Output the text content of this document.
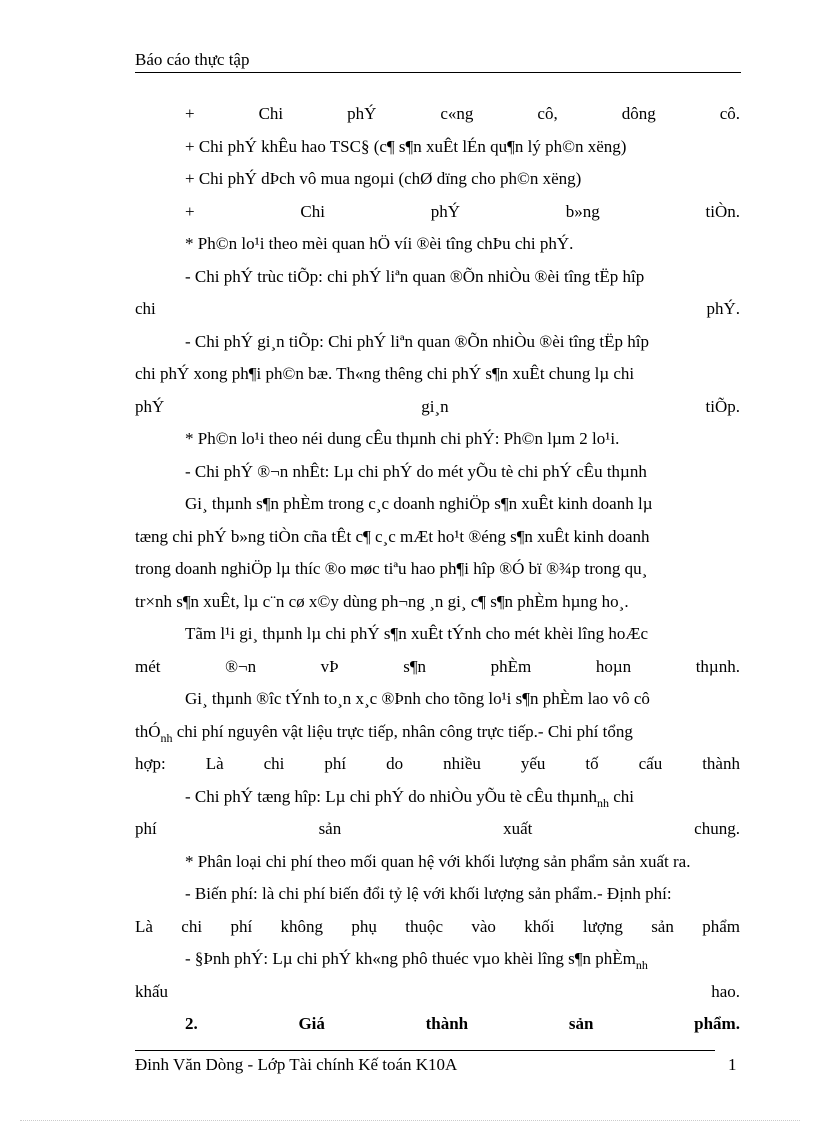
Báo cáo thực tập
+	Chi	phÝ	c«ng	cô,	dông	cô.
+ Chi phÝ khÊu hao TSC§ (c¶ s¶n xuÊt lÉn qu¶n lý ph©n xëng)
+ Chi phÝ dÞch vô mua ngoµi (chØ dïng cho ph©n xëng)
+	Chi	phÝ	b»ng	tiÒn.
* Ph©n lo¹i theo mèi quan hÖ víi ®èi tîng chÞu chi phÝ.
- Chi phÝ trùc tiÕp: chi phÝ liªn quan ®Õn nhiÒu ®èi tîng tËp hîp
chi	phÝ.
- Chi phÝ gi¸n tiÕp: Chi phÝ liªn quan ®Õn nhiÒu ®èi tîng tËp hîp
chi phÝ xong ph¶i ph©n bæ. Th«ng thêng chi phÝ s¶n xuÊt chung lµ chi
phÝ	gi¸n	tiÕp.
* Ph©n lo¹i theo néi dung cÊu thµnh chi phÝ: Ph©n lµm 2 lo¹i.
- Chi phÝ ®¬n nhÊt: Lµ chi phÝ do mét yÕu tè chi phÝ cÊu thµnh
Gi¸ thµnh s¶n phÈm trong c¸c doanh nghiÖp s¶n xuÊt kinh doanh lµ
tæng chi phÝ b»ng tiÒn cña tÊt c¶ c¸c mÆt ho¹t ®éng s¶n xuÊt kinh doanh
trong doanh nghiÖp lµ thíc ®o møc tiªu hao ph¶i hîp ®Ó bï ®¾p trong qu¸
tr×nh s¶n xuÊt, lµ c¨n cø x©y dùng ph¬ng ¸n gi¸ c¶ s¶n phÈm hµng ho¸.
Tãm l¹i gi¸ thµnh lµ chi phÝ s¶n xuÊt tÝnh cho mét khèi lîng hoÆc
mét	®¬n	vÞ	s¶n	phÈm	hoµn	thµnh.
Gi¸ thµnh ®îc tÝnh to¸n x¸c ®Þnh cho tõng lo¹i s¶n phÈm lao vô cô
thÓ$_{nh}$ chi phí nguyên vật liệu trực tiếp, nhân công trực tiếp.- Chi phí tổng
hợp: Là chi phí do nhiều yếu tố cấu thành
- Chi phÝ tæng hîp: Lµ chi phÝ do nhiÒu yÕu tè cÊu thµnh$_{nh}$ chi
phí	sản	xuất	chung.
* Phân loại chi phí theo mối quan hệ với khối lượng sản phẩm sản xuất ra.
- Biến phí: là chi phí biến đổi tỷ lệ với khối lượng sản phẩm.- Định phí:
Là chi phí không phụ thuộc vào khối lượng sản phẩm
- §Þnh phÝ: Lµ chi phÝ kh«ng phô thuéc vµo khèi lîng s¶n phÈm$_{nh}$
khấu	hao.
2.	Giá	thành	sản	phẩm.
Đinh Văn Dòng - Lớp Tài chính Kế toán K10A	1
